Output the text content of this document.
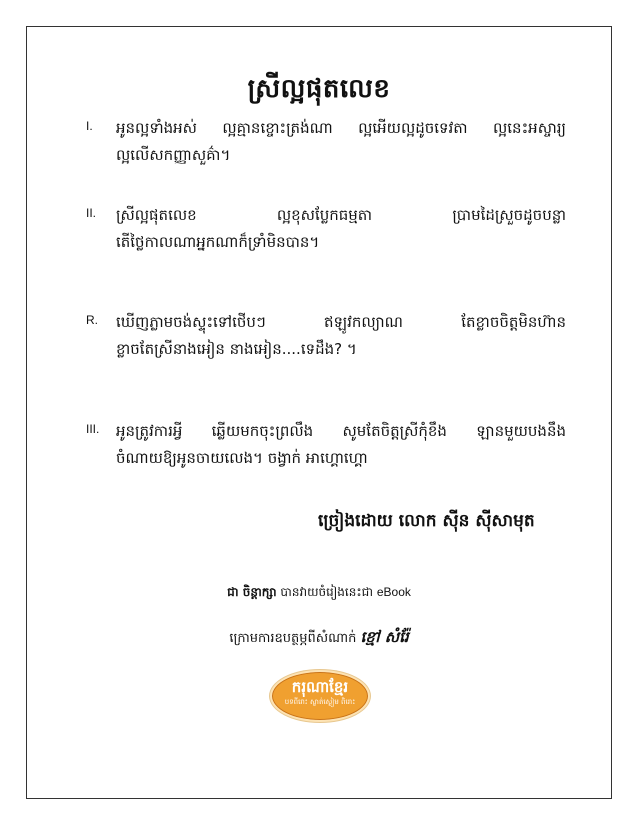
ស្រីល្អផុតលេខ
I. អូនល្អទាំងអស់ ល្អគ្មានខ្ចោះត្រង់ណា ល្អអើយល្អដូចទេវតា ល្អនេះអស្ចារ្យ
ល្អលើសកញ្ញាសួគ៌ា។
II. ស្រីល្អផុតលេខ	ល្អខុសប្លែកធម្មតា	ប្រាមដៃស្រួចដូចបន្លា
តើថ្លៃកាលណាអ្នកណាក៏ទ្រាំមិនបាន។
R. ឃើញភ្លាមចង់ស្ទុះទៅថើបៗ	ឥឡូវកល្យាណ	តែខ្លាចចិត្តមិនហ៊ាន
ខ្លាចតែស្រីនាងអៀន នាងអៀន....ទេដឹង? ។
III. អូនត្រូវការអ្វី ឆ្លើយមកចុះព្រលឹង សូមតែចិត្តស្រីកុំខឹង ឡានមួយបងនឹង
ចំណាយឱ្យអូនចាយលេង។ ចង្វាក់ អាហ្គោហ្គោ
ច្រៀងដោយ លោក ស៊ីន ស៊ីសាមុត
ជា ចិន្តាក្សា បានវាយចំរៀងនេះជា eBook
ក្រោមការឧបត្ថម្ភពីសំណាក់ ខ្មៅ សំរ៉ែ
ករុណាខ្មែរ
បទពីរោះ ស្ងាត់ស្ងៀម ពិរោះ
